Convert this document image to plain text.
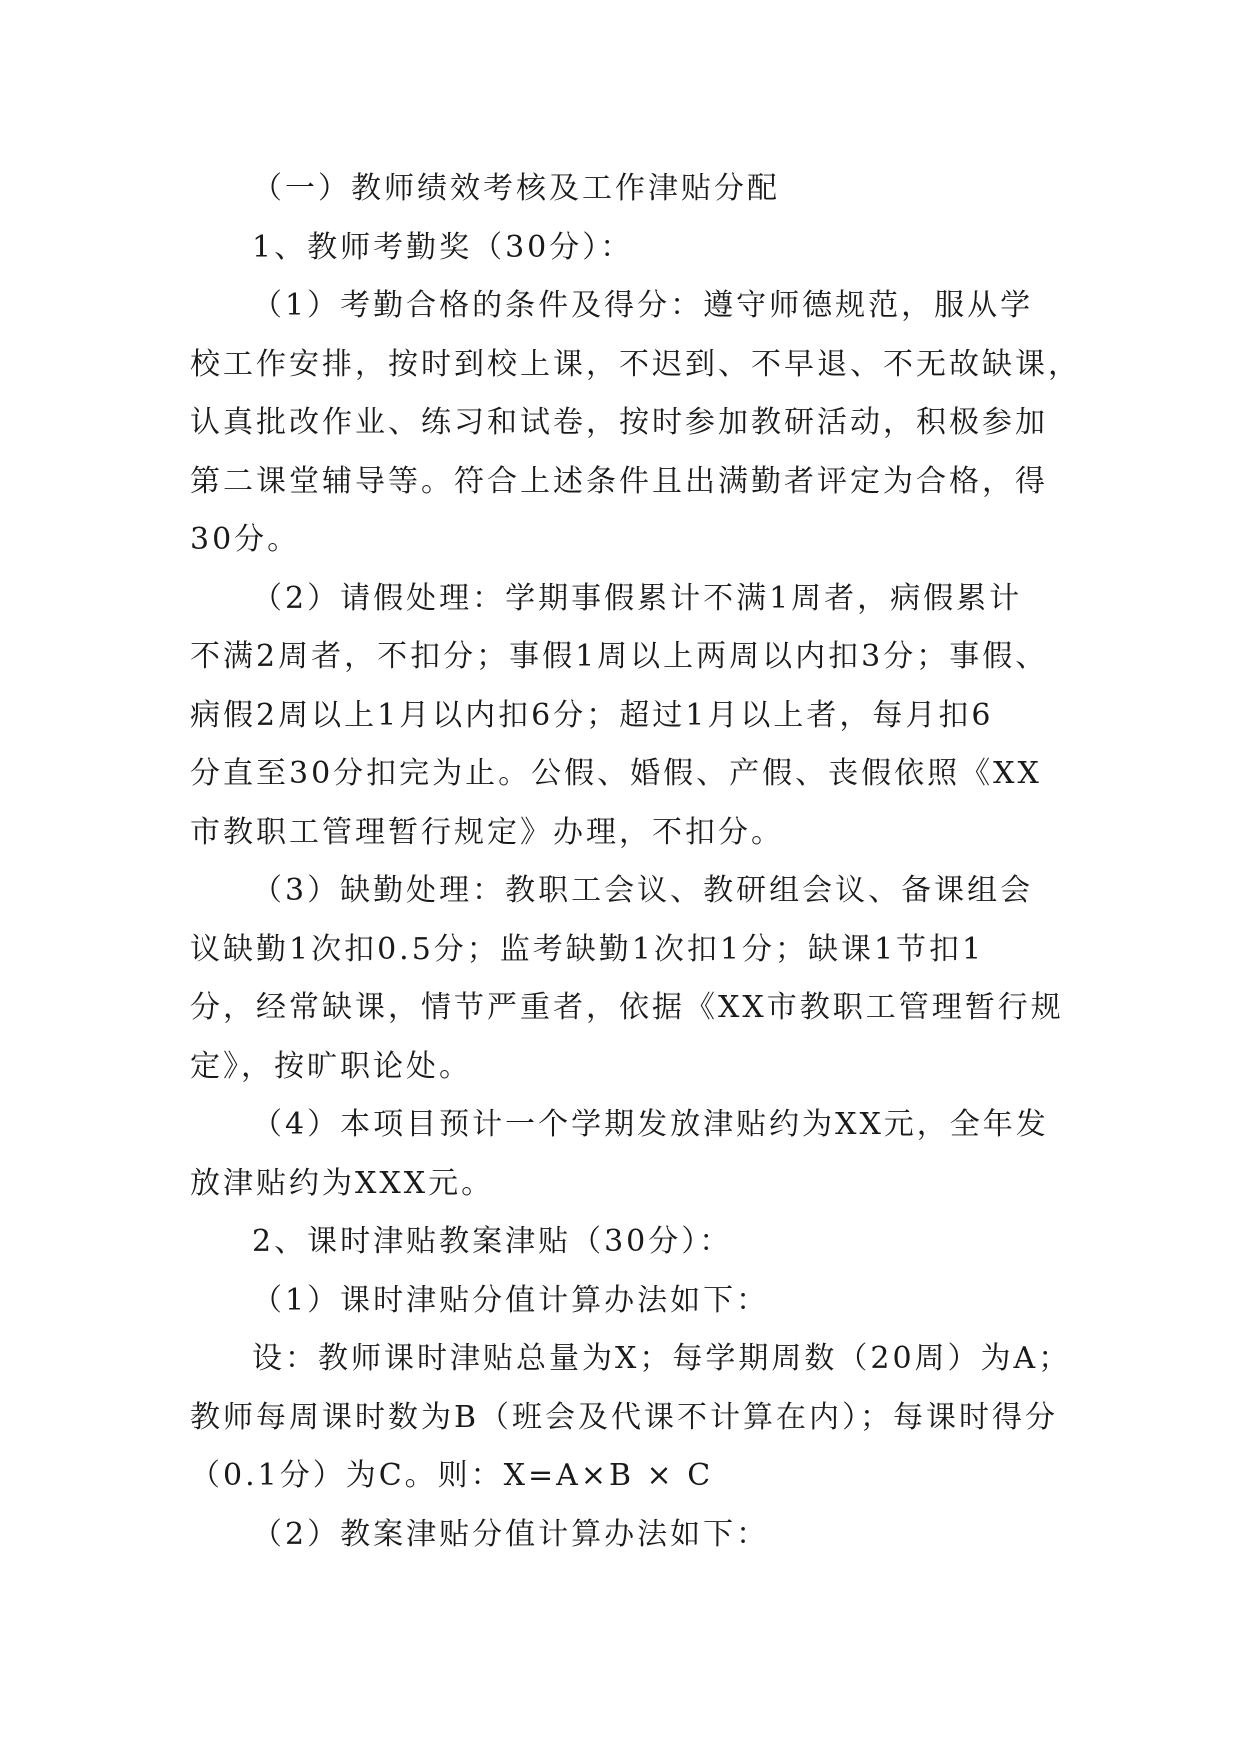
（一）教师绩效考核及工作津贴分配

1、教师考勤奖（30分）：

（1）考勤合格的条件及得分：遵守师德规范，服从学

校工作安排，按时到校上课，不迟到、不早退、不无故缺课，

认真批改作业、练习和试卷，按时参加教研活动，积极参加

第二课堂辅导等。符合上述条件且出满勤者评定为合格，得

30分。

（2）请假处理：学期事假累计不满1周者，病假累计

不满2周者，不扣分；事假1周以上两周以内扣3分；事假、

病假2周以上1月以内扣6分；超过1月以上者，每月扣6

分直至30分扣完为止。公假、婚假、产假、丧假依照《XX

市教职工管理暂行规定》办理，不扣分。

（3）缺勤处理：教职工会议、教研组会议、备课组会

议缺勤1次扣0.5分；监考缺勤1次扣1分；缺课1节扣1

分，经常缺课，情节严重者，依据《XX市教职工管理暂行规

定》，按旷职论处。

（4）本项目预计一个学期发放津贴约为XX元，全年发

放津贴约为XXX元。

2、课时津贴教案津贴（30分）：

（1）课时津贴分值计算办法如下：

设：教师课时津贴总量为X；每学期周数（20周）为A；

教师每周课时数为B（班会及代课不计算在内）；每课时得分

（0.1分）为C。则：X=A×B × C

（2）教案津贴分值计算办法如下：
